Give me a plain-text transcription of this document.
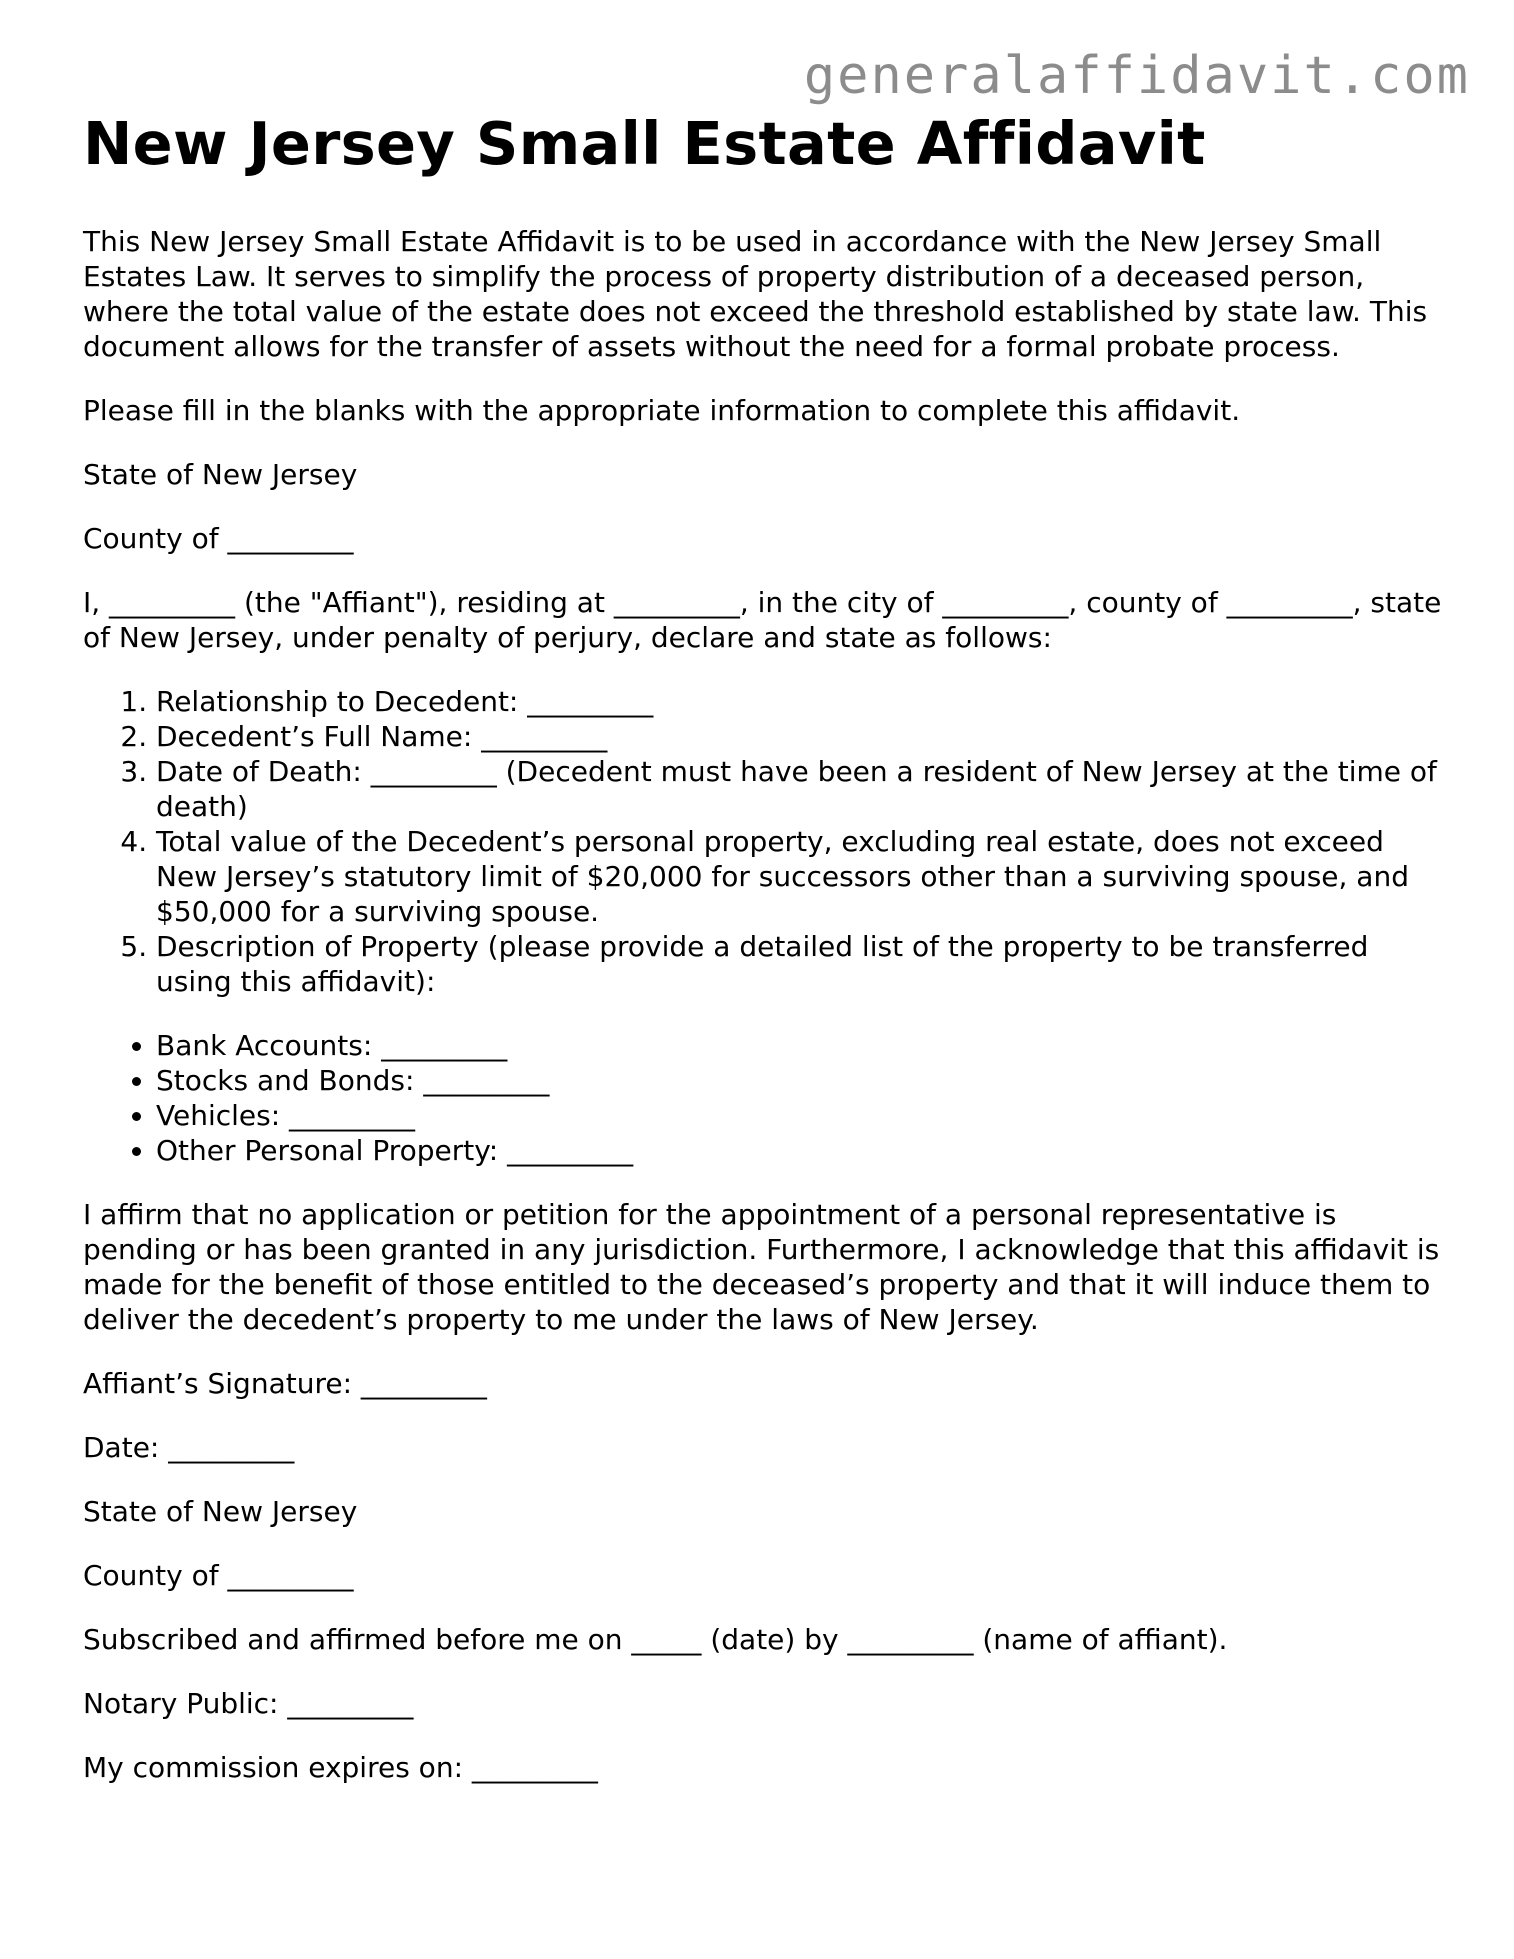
generalaffidavit.com
New Jersey Small Estate Affidavit

This New Jersey Small Estate Affidavit is to be used in accordance with the New Jersey Small Estates Law. It serves to simplify the process of property distribution of a deceased person, where the total value of the estate does not exceed the threshold established by state law. This document allows for the transfer of assets without the need for a formal probate process.

Please fill in the blanks with the appropriate information to complete this affidavit.

State of New Jersey

County of _________

I, _________ (the "Affiant"), residing at _________, in the city of _________, county of _________, state of New Jersey, under penalty of perjury, declare and state as follows:

1. Relationship to Decedent: _________
2. Decedent’s Full Name: _________
3. Date of Death: _________ (Decedent must have been a resident of New Jersey at the time of death)
4. Total value of the Decedent’s personal property, excluding real estate, does not exceed New Jersey’s statutory limit of $20,000 for successors other than a surviving spouse, and $50,000 for a surviving spouse.
5. Description of Property (please provide a detailed list of the property to be transferred using this affidavit):
• Bank Accounts: _________
• Stocks and Bonds: _________
• Vehicles: _________
• Other Personal Property: _________

I affirm that no application or petition for the appointment of a personal representative is pending or has been granted in any jurisdiction. Furthermore, I acknowledge that this affidavit is made for the benefit of those entitled to the deceased’s property and that it will induce them to deliver the decedent’s property to me under the laws of New Jersey.

Affiant’s Signature: _________

Date: _________

State of New Jersey

County of _________

Subscribed and affirmed before me on _____ (date) by _________ (name of affiant).

Notary Public: _________

My commission expires on: _________
